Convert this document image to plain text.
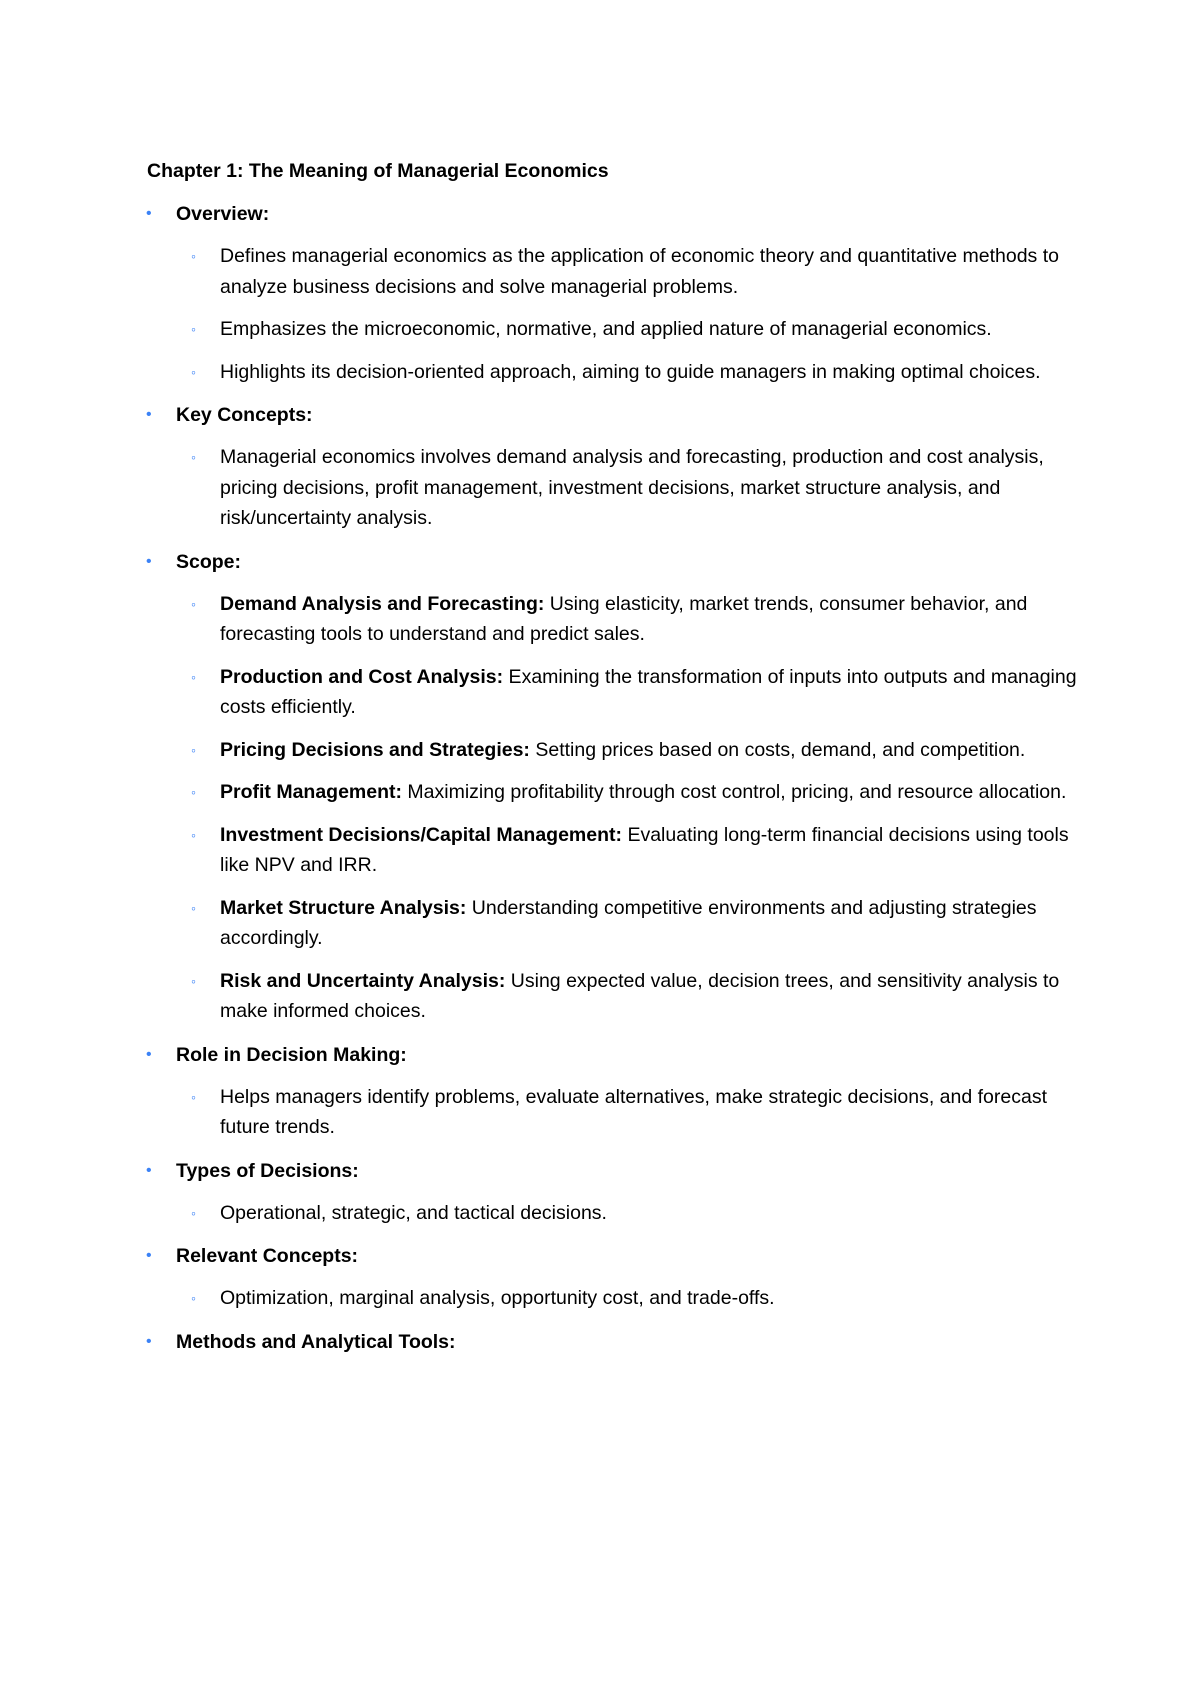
Chapter 1: The Meaning of Managerial Economics
• Overview:
◦ Defines managerial economics as the application of economic theory and quantitative methods to analyze business decisions and solve managerial problems.
◦ Emphasizes the microeconomic, normative, and applied nature of managerial economics.
◦ Highlights its decision-oriented approach, aiming to guide managers in making optimal choices.
• Key Concepts:
◦ Managerial economics involves demand analysis and forecasting, production and cost analysis, pricing decisions, profit management, investment decisions, market structure analysis, and risk/uncertainty analysis.
• Scope:
◦ Demand Analysis and Forecasting: Using elasticity, market trends, consumer behavior, and forecasting tools to understand and predict sales.
◦ Production and Cost Analysis: Examining the transformation of inputs into outputs and managing costs efficiently.
◦ Pricing Decisions and Strategies: Setting prices based on costs, demand, and competition.
◦ Profit Management: Maximizing profitability through cost control, pricing, and resource allocation.
◦ Investment Decisions/Capital Management: Evaluating long-term financial decisions using tools like NPV and IRR.
◦ Market Structure Analysis: Understanding competitive environments and adjusting strategies accordingly.
◦ Risk and Uncertainty Analysis: Using expected value, decision trees, and sensitivity analysis to make informed choices.
• Role in Decision Making:
◦ Helps managers identify problems, evaluate alternatives, make strategic decisions, and forecast future trends.
• Types of Decisions:
◦ Operational, strategic, and tactical decisions.
• Relevant Concepts:
◦ Optimization, marginal analysis, opportunity cost, and trade-offs.
• Methods and Analytical Tools:
